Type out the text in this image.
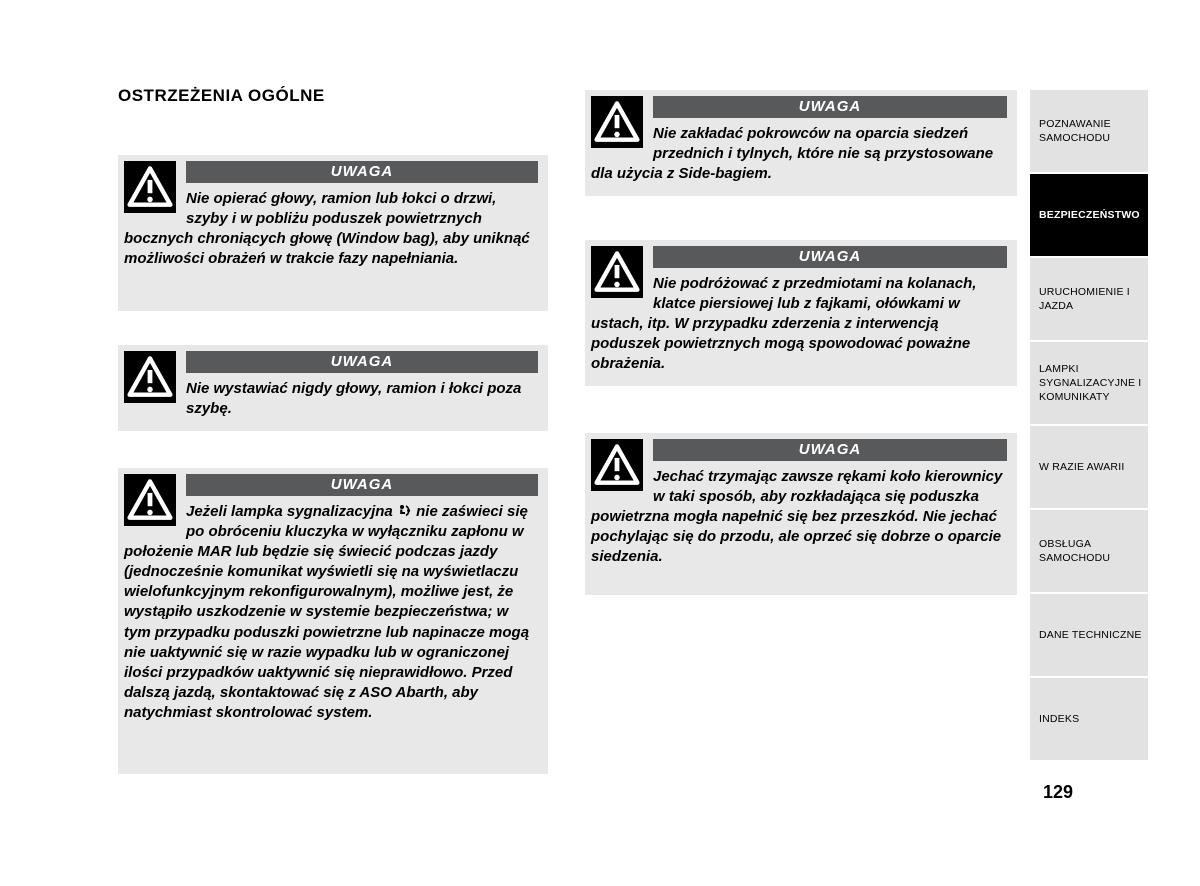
OSTRZEŻENIA OGÓLNE
UWAGA
Nie opierać głowy, ramion lub łokci o drzwi, szyby i w pobliżu poduszek powietrznych bocznych chroniących głowę (Window bag), aby uniknąć możliwości obrażeń w trakcie fazy napełniania.
UWAGA
Nie wystawiać nigdy głowy, ramion i łokci poza szybę.
UWAGA
Jeżeli lampka sygnalizacyjna nie zaświeci się po obróceniu kluczyka w wyłączniku zapłonu w położenie MAR lub będzie się świecić podczas jazdy (jednocześnie komunikat wyświetli się na wyświetlaczu wielofunkcyjnym rekonfigurowalnym), możliwe jest, że wystąpiło uszkodzenie w systemie bezpieczeństwa; w tym przypadku poduszki powietrzne lub napinacze mogą nie uaktywnić się w razie wypadku lub w ograniczonej ilości przypadków uaktywnić się nieprawidłowo. Przed dalszą jazdą, skontaktować się z ASO Abarth, aby natychmiast skontrolować system.
UWAGA
Nie zakładać pokrowców na oparcia siedzeń przednich i tylnych, które nie są przystosowane dla użycia z Side-bagiem.
UWAGA
Nie podróżować z przedmiotami na kolanach, klatce piersiowej lub z fajkami, ołówkami w ustach, itp. W przypadku zderzenia z interwencją poduszek powietrznych mogą spowodować poważne obrażenia.
UWAGA
Jechać trzymając zawsze rękami koło kierownicy w taki sposób, aby rozkładająca się poduszka powietrzna mogła napełnić się bez przeszkód. Nie jechać pochylając się do przodu, ale oprzeć się dobrze o oparcie siedzenia.
POZNAWANIE SAMOCHODU
BEZPIECZEŃSTWO
URUCHOMIENIE I JAZDA
LAMPKI SYGNALIZACYJNE I KOMUNIKATY
W RAZIE AWARII
OBSŁUGA SAMOCHODU
DANE TECHNICZNE
INDEKS
129
